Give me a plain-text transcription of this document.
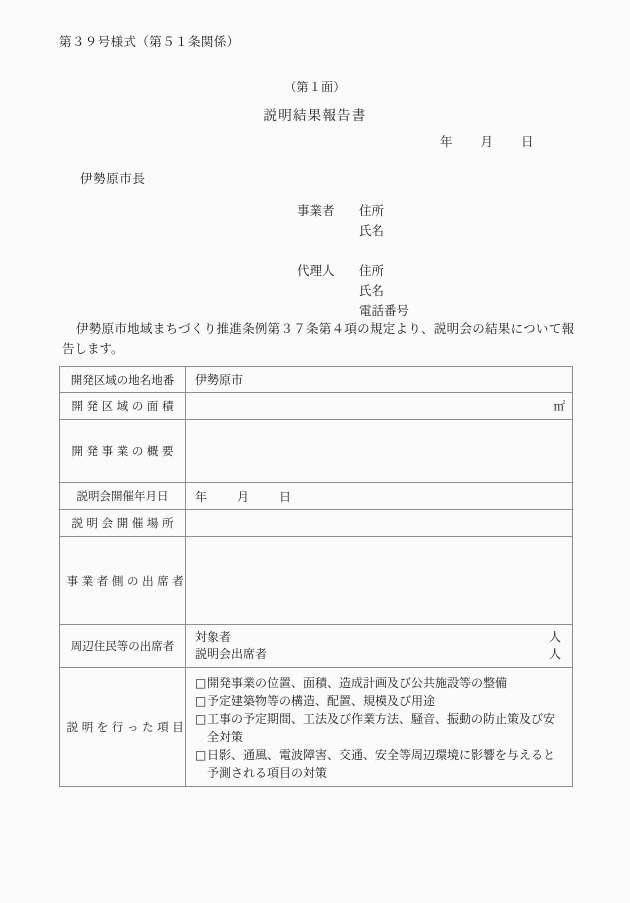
第３９号様式（第５１条関係）
（第１面）
説明結果報告書
年 月 日
伊勢原市長
事業者	住所
氏名
代理人	住所
氏名
電話番号
伊勢原市地域まちづくり推進条例第３７条第４項の規定より、説明会の結果について報告します。
開発区域の地名地番	伊勢原市
開発区域の面積	㎡

開発事業の概要	
説明会開催年月日	年 月 日
説明会開催場所	
事業者側の出席者	
周辺住民等の出席者	対象者 人
説明会出席者 人

説明を行った項目	
□ 開発事業の位置、面積、造成計画及び公共施設等の整備
□ 予定建築物等の構造、配置、規模及び用途
□ 工事の予定期間、工法及び作業方法、騒音、振動の防止策及び安全対策
□ 日影、通風、電波障害、交通、安全等周辺環境に影響を与えると予測される項目の対策
